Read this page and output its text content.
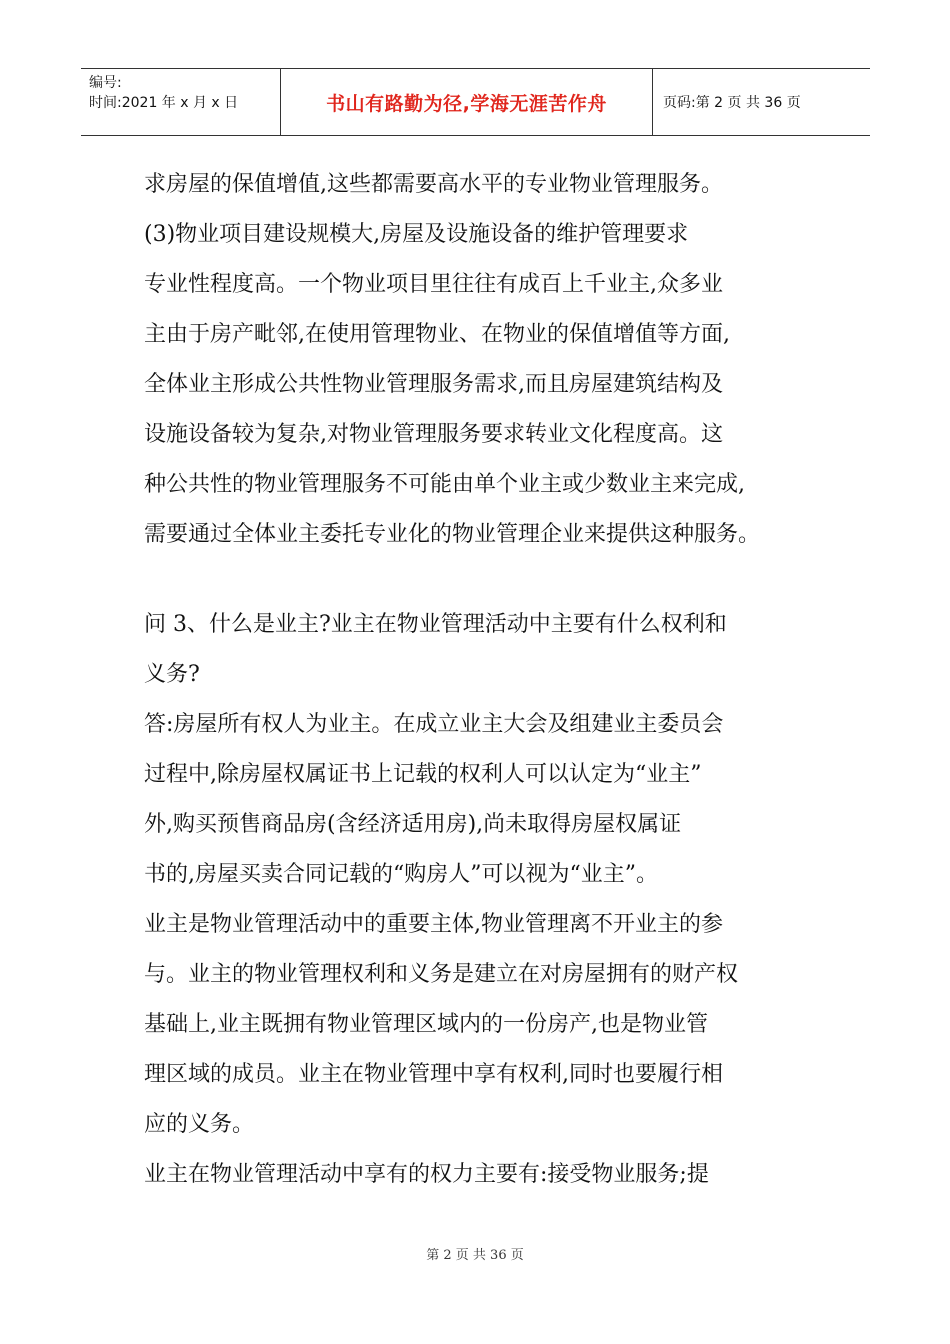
编号:
时间:2021 年 x 月 x 日	书山有路勤为径,学海无涯苦作舟	页码:第 2 页 共 36 页
求房屋的保值增值,这些都需要高水平的专业物业管理服务。
(3)物业项目建设规模大,房屋及设施设备的维护管理要求
专业性程度高。一个物业项目里往往有成百上千业主,众多业
主由于房产毗邻,在使用管理物业、在物业的保值增值等方面,
全体业主形成公共性物业管理服务需求,而且房屋建筑结构及
设施设备较为复杂,对物业管理服务要求转业文化程度高。这
种公共性的物业管理服务不可能由单个业主或少数业主来完成,
需要通过全体业主委托专业化的物业管理企业来提供这种服务。
问 3、什么是业主?业主在物业管理活动中主要有什么权利和
义务?
答:房屋所有权人为业主。在成立业主大会及组建业主委员会
过程中,除房屋权属证书上记载的权利人可以认定为“业主”
外,购买预售商品房(含经济适用房),尚未取得房屋权属证
书的,房屋买卖合同记载的“购房人”可以视为“业主”。
业主是物业管理活动中的重要主体,物业管理离不开业主的参
与。业主的物业管理权利和义务是建立在对房屋拥有的财产权
基础上,业主既拥有物业管理区域内的一份房产,也是物业管
理区域的成员。业主在物业管理中享有权利,同时也要履行相
应的义务。
业主在物业管理活动中享有的权力主要有:接受物业服务;提
第 2 页 共 36 页
